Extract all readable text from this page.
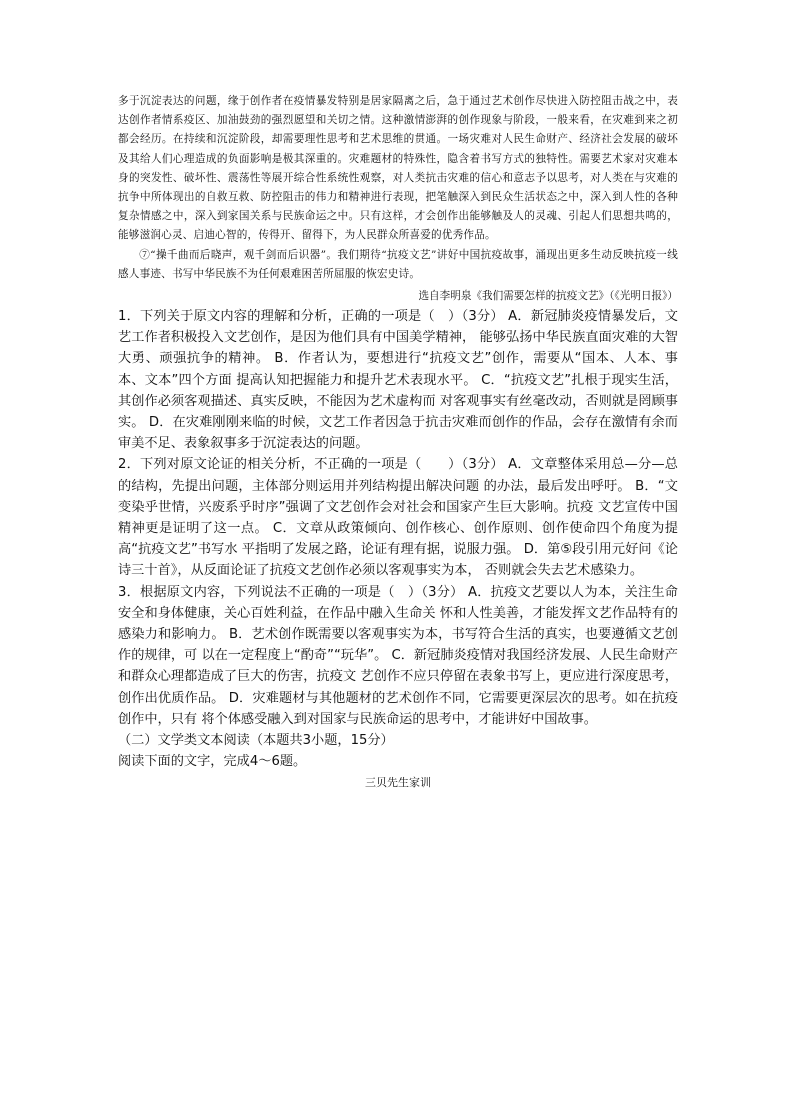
多于沉淀表达的问题，缘于创作者在疫情暴发特别是居家隔离之后，急于通过艺术创作尽快进入防控阻击战之中，表达创作者情系疫区、加油鼓劲的强烈愿望和关切之情。这种激情澎湃的创作现象与阶段，一般来看，在灾难到来之初都会经历。在持续和沉淀阶段，却需要理性思考和艺术思维的贯通。一场灾难对人民生命财产、经济社会发展的破坏及其给人们心理造成的负面影响是极其深重的。灾难题材的特殊性，隐含着书写方式的独特性。需要艺术家对灾难本身的突发性、破坏性、震荡性等展开综合性系统性观察，对人类抗击灾难的信心和意志予以思考，对人类在与灾难的抗争中所体现出的自救互救、防控阻击的伟力和精神进行表现，把笔触深入到民众生活状态之中，深入到人性的各种复杂情感之中，深入到家国关系与民族命运之中。只有这样，才会创作出能够触及人的灵魂、引起人们思想共鸣的，能够滋润心灵、启迪心智的，传得开、留得下，为人民群众所喜爱的优秀作品。

⑦“操千曲而后晓声，观千剑而后识器”。我们期待“抗疫文艺”讲好中国抗疫故事，涌现出更多生动反映抗疫一线感人事迹、书写中华民族不为任何艰难困苦所屈服的恢宏史诗。

选自李明泉《我们需要怎样的抗疫文艺》（《光明日报》）

1．下列关于原文内容的理解和分析，正确的一项是（　）（3分） A．新冠肺炎疫情暴发后，文艺工作者积极投入文艺创作，是因为他们具有中国美学精神， 能够弘扬中华民族直面灾难的大智大勇、顽强抗争的精神。 B．作者认为，要想进行“抗疫文艺”创作，需要从“国本、人本、事本、文本”四个方面 提高认知把握能力和提升艺术表现水平。 C．“抗疫文艺”扎根于现实生活，其创作必须客观描述、真实反映，不能因为艺术虚构而 对客观事实有丝毫改动，否则就是罔顾事实。 D．在灾难刚刚来临的时候，文艺工作者因急于抗击灾难而创作的作品，会存在激情有余而 审美不足、表象叙事多于沉淀表达的问题。

2．下列对原文论证的相关分析，不正确的一项是（　　）（3分） A．文章整体采用总—分—总的结构，先提出问题，主体部分则运用并列结构提出解决问题 的办法，最后发出呼吁。 B．“文变染乎世情，兴废系乎时序”强调了文艺创作会对社会和国家产生巨大影响。抗疫 文艺宣传中国精神更是证明了这一点。 C．文章从政策倾向、创作核心、创作原则、创作使命四个角度为提高“抗疫文艺”书写水 平指明了发展之路，论证有理有据，说服力强。 D．第⑤段引用元好问《论诗三十首》，从反面论证了抗疫文艺创作必须以客观事实为本， 否则就会失去艺术感染力。

3．根据原文内容，下列说法不正确的一项是（　）（3分） A．抗疫文艺要以人为本，关注生命安全和身体健康，关心百姓利益，在作品中融入生命关 怀和人性美善，才能发挥文艺作品特有的感染力和影响力。 B．艺术创作既需要以客观事实为本，书写符合生活的真实，也要遵循文艺创作的规律，可 以在一定程度上“酌奇”“玩华”。 C．新冠肺炎疫情对我国经济发展、人民生命财产和群众心理都造成了巨大的伤害，抗疫文 艺创作不应只停留在表象书写上，更应进行深度思考，创作出优质作品。 D．灾难题材与其他题材的艺术创作不同，它需要更深层次的思考。如在抗疫创作中，只有 将个体感受融入到对国家与民族命运的思考中，才能讲好中国故事。

（二）文学类文本阅读（本题共3小题，15分）

阅读下面的文字，完成4～6题。

三贝先生家训
